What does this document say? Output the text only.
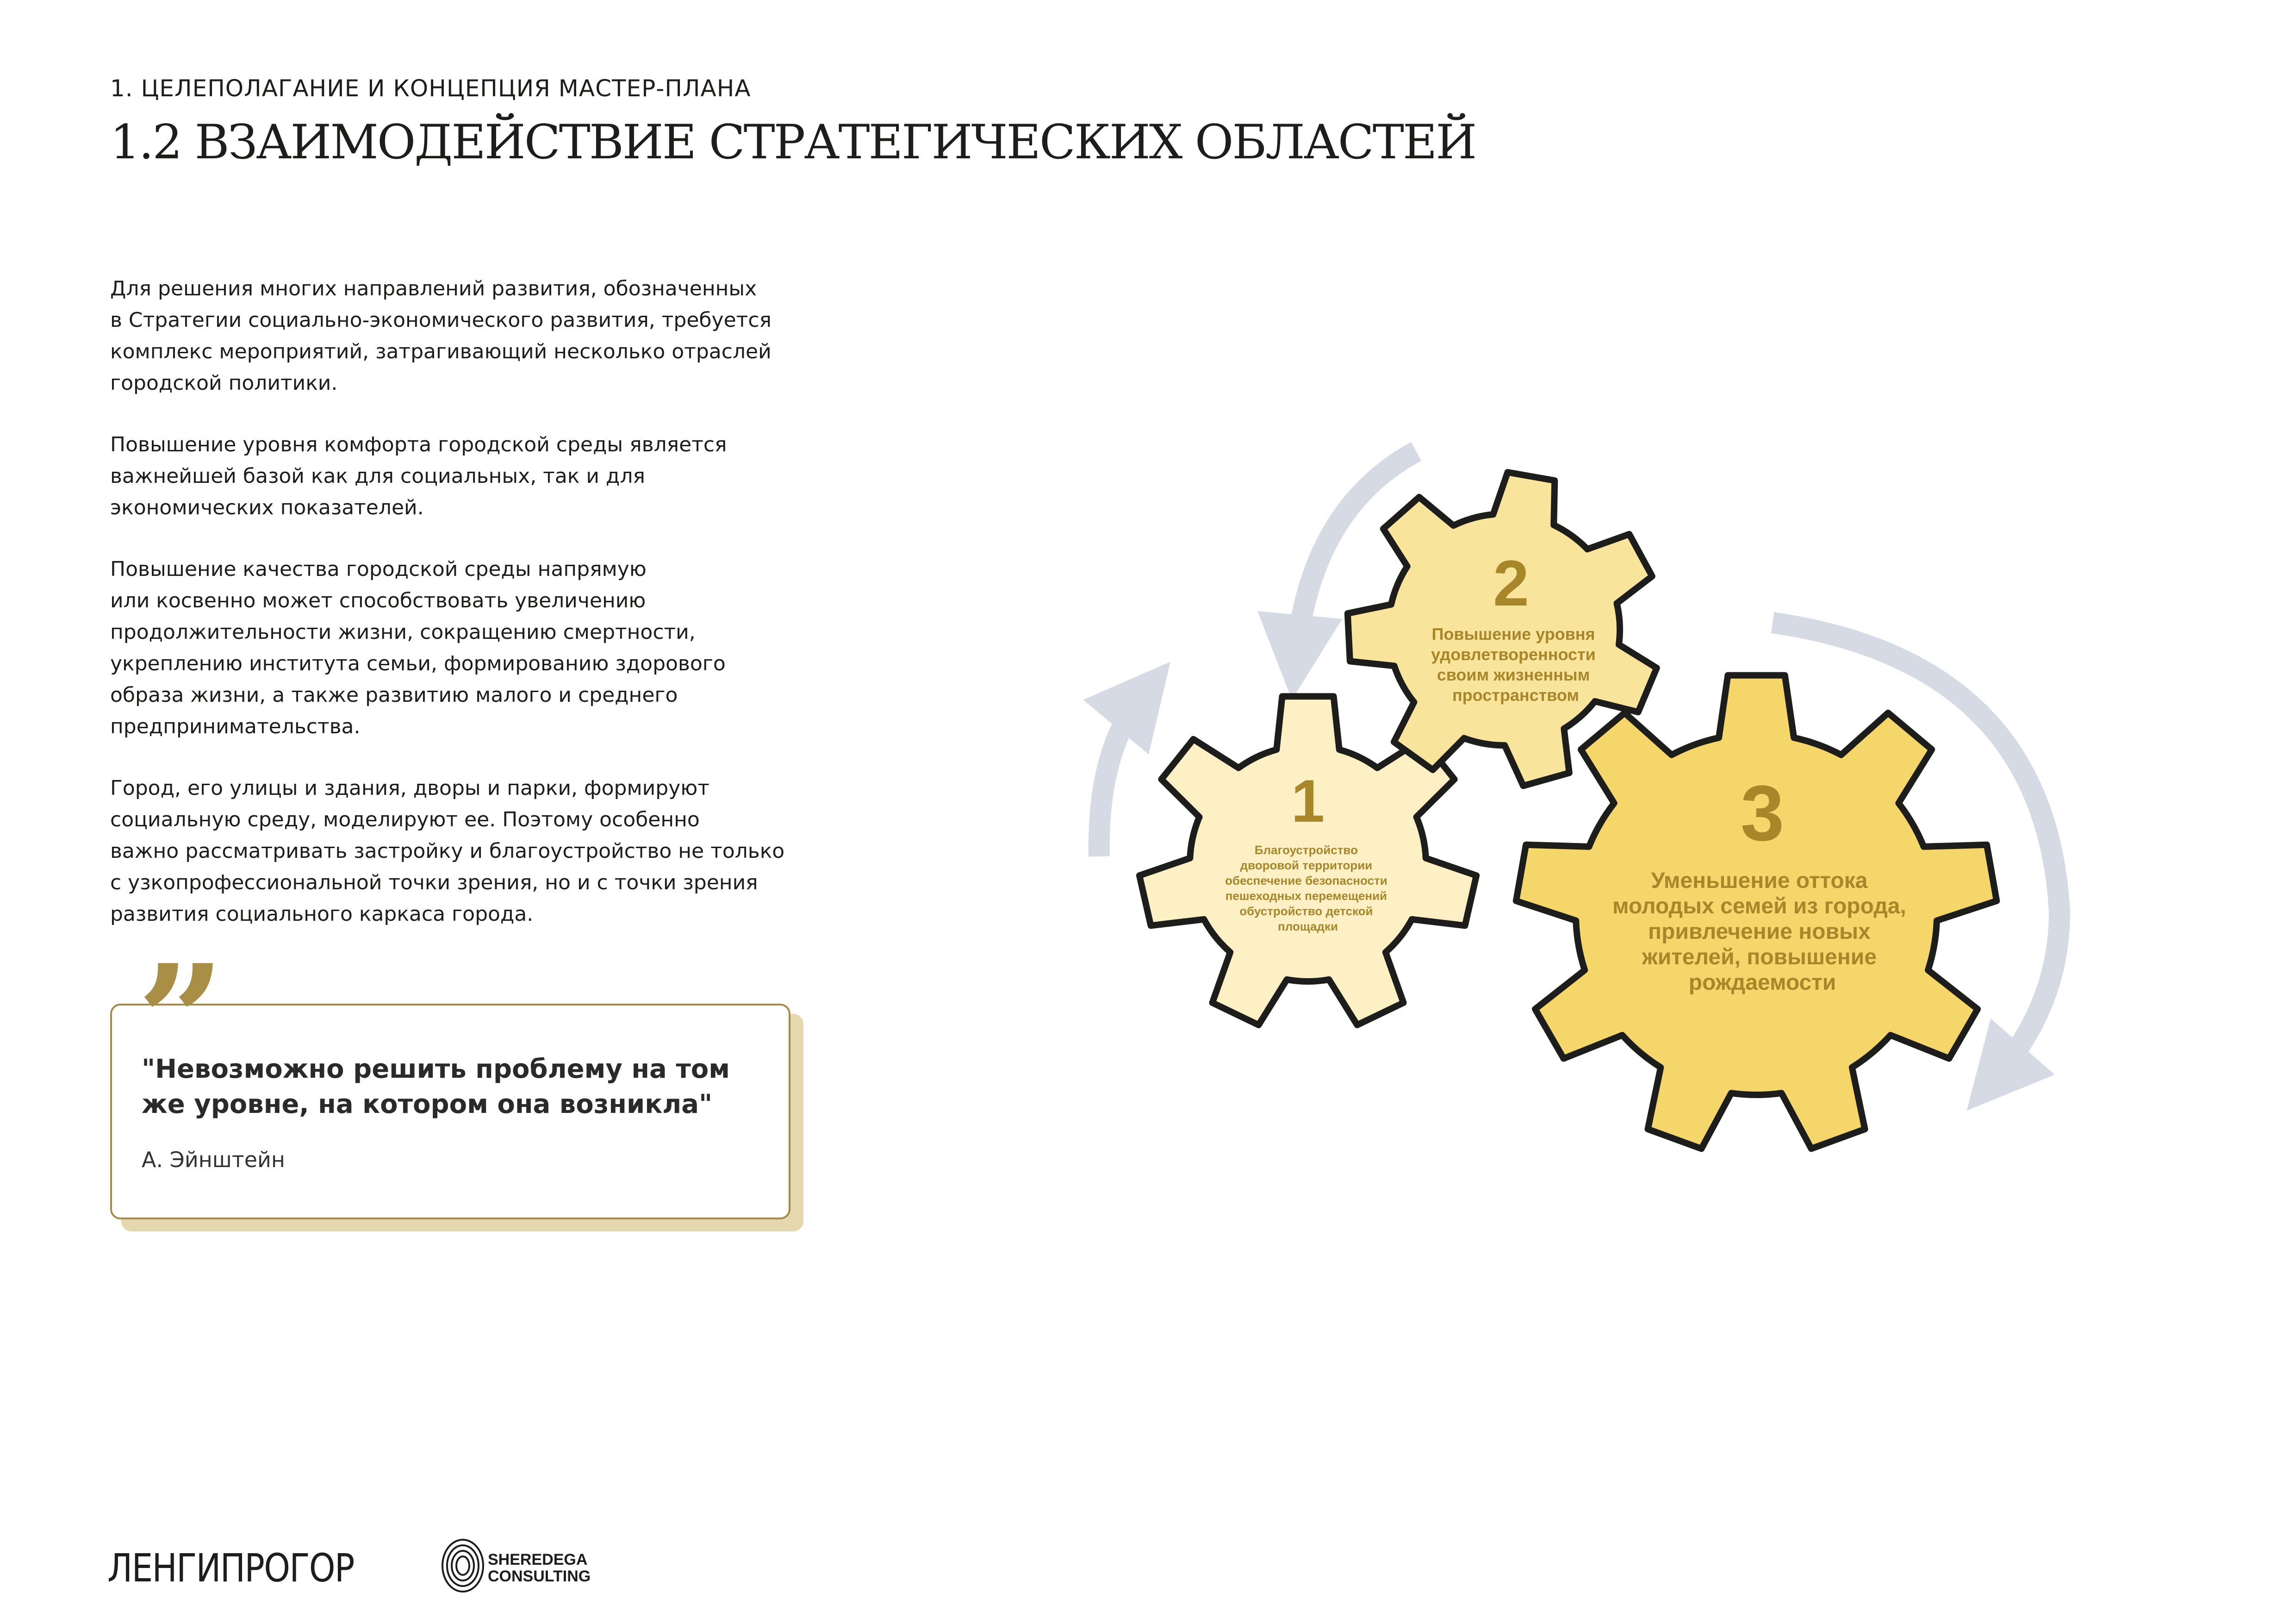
1. ЦЕЛЕПОЛАГАНИЕ И КОНЦЕПЦИЯ МАСТЕР-ПЛАНА
1.2 ВЗАИМОДЕЙСТВИЕ СТРАТЕГИЧЕСКИХ ОБЛАСТЕЙ

Для решения многих направлений развития, обозначенных
в Стратегии социально-экономического развития, требуется
комплекс мероприятий, затрагивающий несколько отраслей
городской политики.

Повышение уровня комфорта городской среды является
важнейшей базой как для социальных, так и для
экономических показателей.

Повышение качества городской среды напрямую
или косвенно может способствовать увеличению
продолжительности жизни, сокращению смертности,
укреплению института семьи, формированию здорового
образа жизни, а также развитию малого и среднего
предпринимательства.

Город, его улицы и здания, дворы и парки, формируют
социальную среду, моделируют ее. Поэтому особенно
важно рассматривать застройку и благоустройство не только
с узкопрофессиональной точки зрения, но и с точки зрения
развития социального каркаса города.

”
"Невозможно решить проблему на том же уровне, на котором она возникла"
А. Эйнштейн
1
Благоустройство дворовой территории обеспечение безопасности пешеходных перемещений обустройство детской площадки
2
Повышение уровня удовлетворенности своим жизненным пространством
3
Уменьшение оттока молодых семей из города, привлечение новых жителей, повышение рождаемости
ЛЕНГИПРОГОР	SHEREDEGA
CONSULTING
